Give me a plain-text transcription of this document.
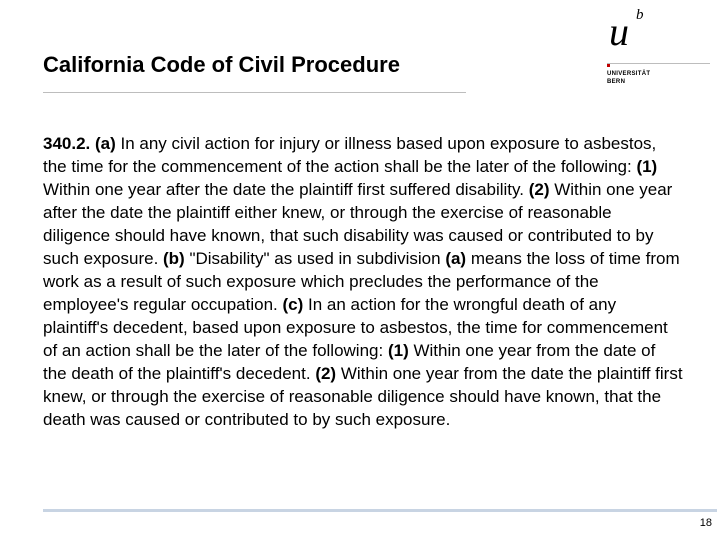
California Code of Civil Procedure
u b
UNIVERSITÄT
BERN
340.2. (a) In any civil action for injury or illness based upon exposure to asbestos, the time for the commencement of the action shall be the later of the following: (1) Within one year after the date the plaintiff first suffered disability. (2) Within one year after the date the plaintiff either knew, or through the exercise of reasonable diligence should have known, that such disability was caused or contributed to by such exposure. (b) "Disability" as used in subdivision (a) means the loss of time from work as a result of such exposure which precludes the performance of the employee's regular occupation. (c) In an action for the wrongful death of any plaintiff's decedent, based upon exposure to asbestos, the time for commencement of an action shall be the later of the following: (1) Within one year from the date of the death of the plaintiff's decedent. (2) Within one year from the date the plaintiff first knew, or through the exercise of reasonable diligence should have known, that the death was caused or contributed to by such exposure.
18
